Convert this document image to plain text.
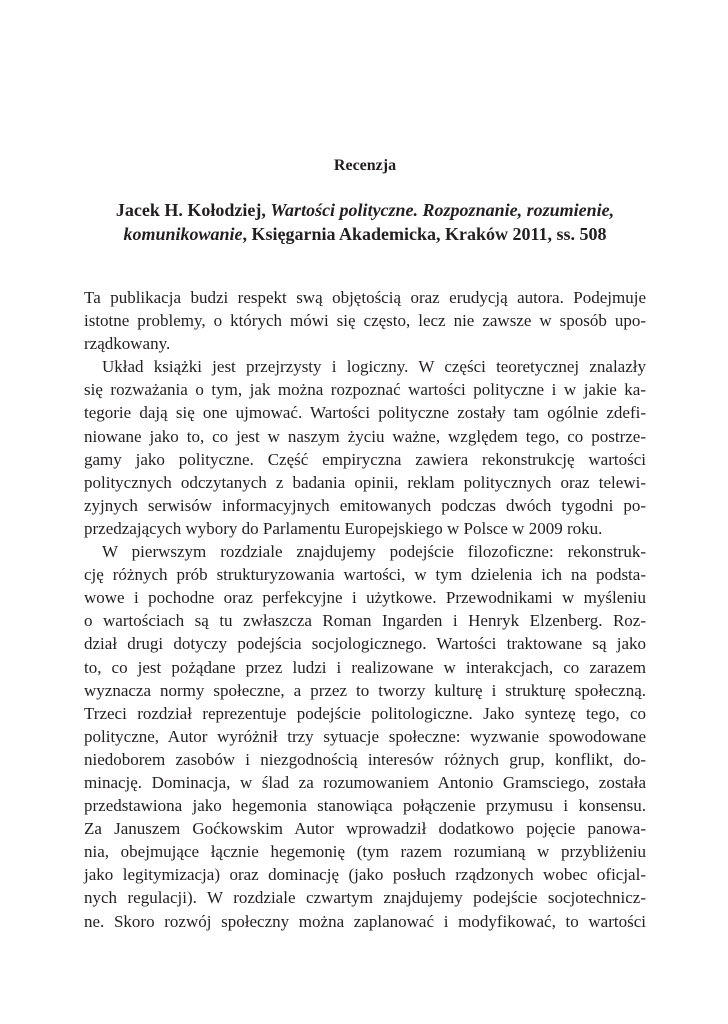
Recenzja
Jacek H. Kołodziej, Wartości polityczne. Rozpoznanie, rozumienie,
komunikowanie, Księgarnia Akademicka, Kraków 2011, ss. 508

Ta publikacja budzi respekt swą objętością oraz erudycją autora. Podejmuje
istotne problemy, o których mówi się często, lecz nie zawsze w sposób upo-
rządkowany.

Układ książki jest przejrzysty i logiczny. W części teoretycznej znalazły
się rozważania o tym, jak można rozpoznać wartości polityczne i w jakie ka-
tegorie dają się one ujmować. Wartości polityczne zostały tam ogólnie zdefi-
niowane jako to, co jest w naszym życiu ważne, względem tego, co postrze-
gamy jako polityczne. Część empiryczna zawiera rekonstrukcję wartości
politycznych odczytanych z badania opinii, reklam politycznych oraz telewi-
zyjnych serwisów informacyjnych emitowanych podczas dwóch tygodni po-
przedzających wybory do Parlamentu Europejskiego w Polsce w 2009 roku.

W pierwszym rozdziale znajdujemy podejście filozoficzne: rekonstruk-
cję różnych prób strukturyzowania wartości, w tym dzielenia ich na podsta-
wowe i pochodne oraz perfekcyjne i użytkowe. Przewodnikami w myśleniu
o wartościach są tu zwłaszcza Roman Ingarden i Henryk Elzenberg. Roz-
dział drugi dotyczy podejścia socjologicznego. Wartości traktowane są jako
to, co jest pożądane przez ludzi i realizowane w interakcjach, co zarazem
wyznacza normy społeczne, a przez to tworzy kulturę i strukturę społeczną.
Trzeci rozdział reprezentuje podejście politologiczne. Jako syntezę tego, co
polityczne, Autor wyróżnił trzy sytuacje społeczne: wyzwanie spowodowane
niedoborem zasobów i niezgodnością interesów różnych grup, konflikt, do-
minację. Dominacja, w ślad za rozumowaniem Antonio Gramsciego, została
przedstawiona jako hegemonia stanowiąca połączenie przymusu i konsensu.
Za Januszem Goćkowskim Autor wprowadził dodatkowo pojęcie panowa-
nia, obejmujące łącznie hegemonię (tym razem rozumianą w przybliżeniu
jako legitymizacja) oraz dominację (jako posłuch rządzonych wobec oficjal-
nych regulacji). W rozdziale czwartym znajdujemy podejście socjotechnicz-
ne. Skoro rozwój społeczny można zaplanować i modyfikować, to wartości
